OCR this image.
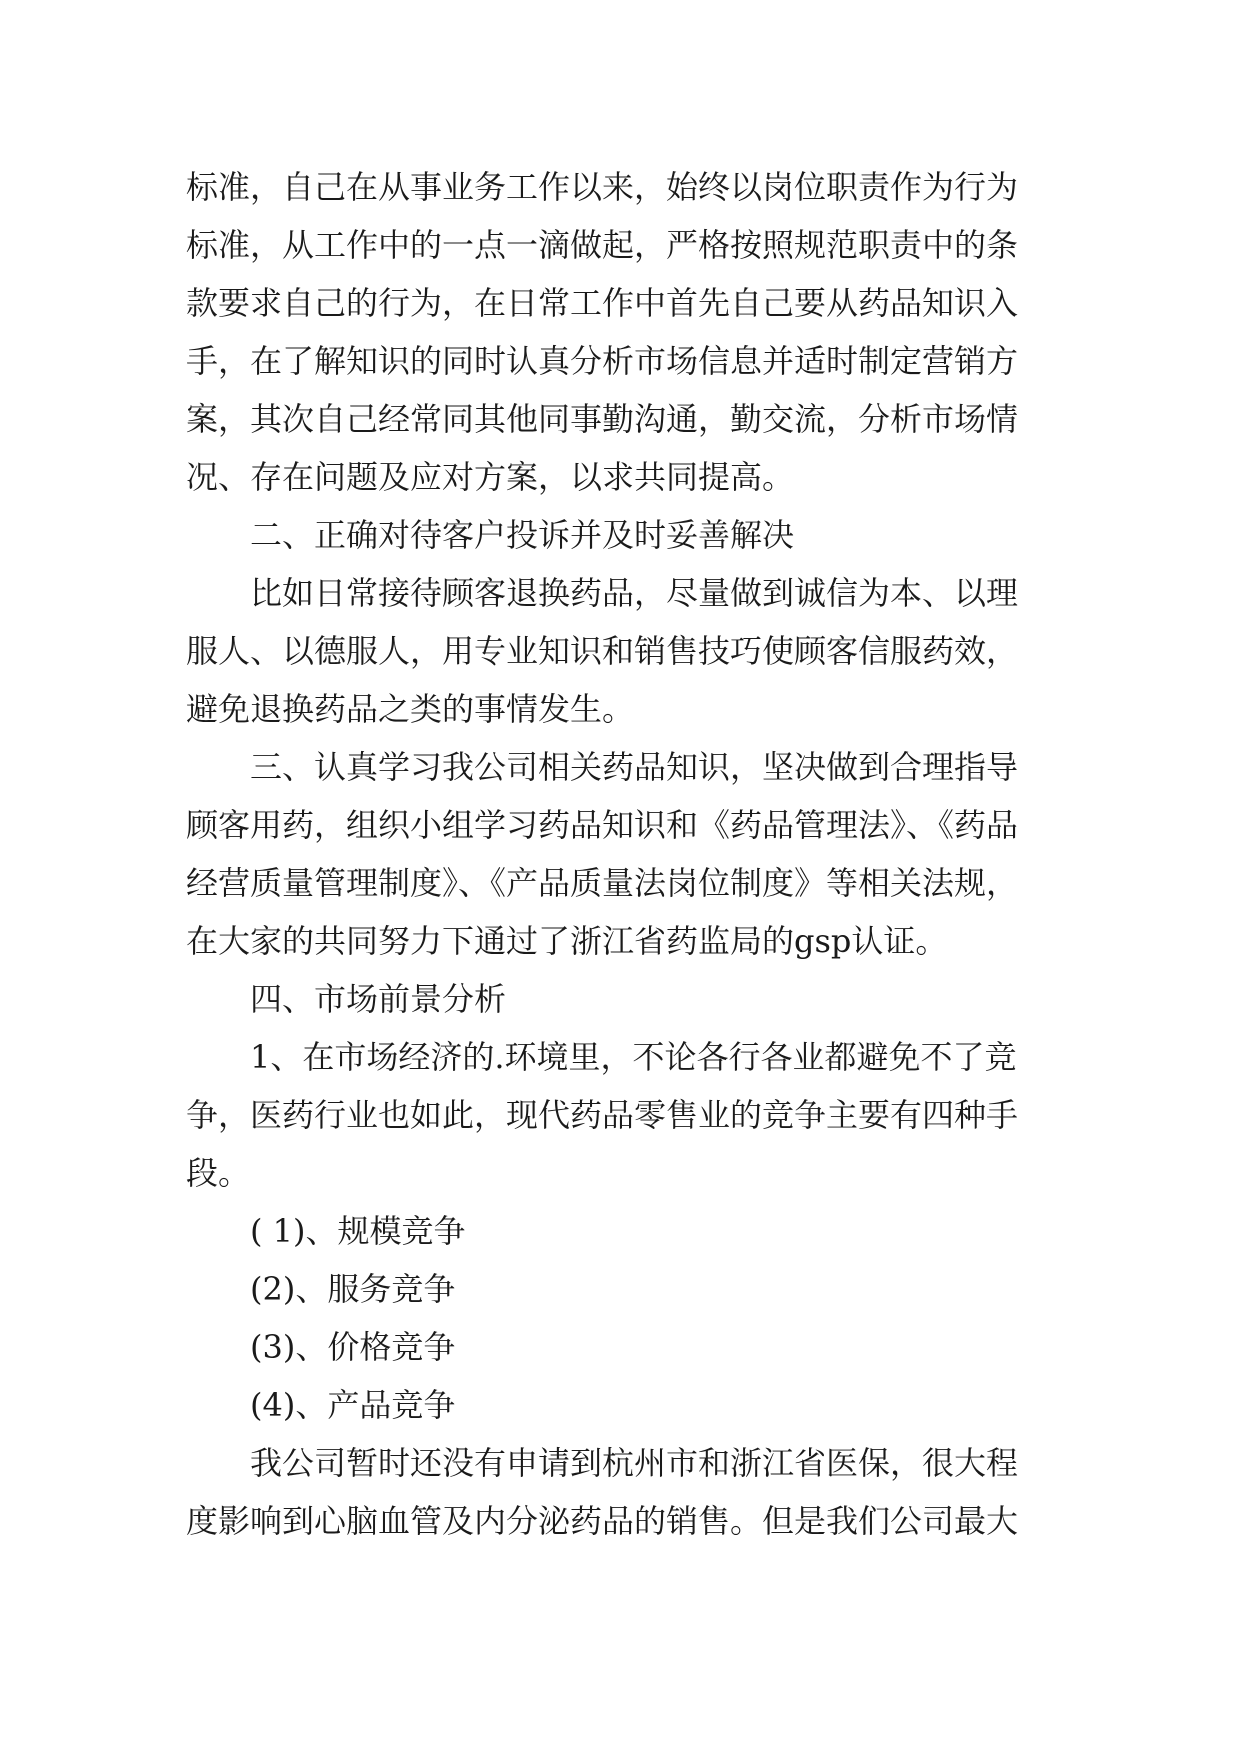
标准，自己在从事业务工作以来，始终以岗位职责作为行为

标准，从工作中的一点一滴做起，严格按照规范职责中的条

款要求自己的行为，在日常工作中首先自己要从药品知识入

手，在了解知识的同时认真分析市场信息并适时制定营销方

案，其次自己经常同其他同事勤沟通，勤交流，分析市场情

况、存在问题及应对方案，以求共同提高。

二、正确对待客户投诉并及时妥善解决

比如日常接待顾客退换药品，尽量做到诚信为本、以理

服人、以德服人，用专业知识和销售技巧使顾客信服药效，

避免退换药品之类的事情发生。

三、认真学习我公司相关药品知识，坚决做到合理指导

顾客用药，组织小组学习药品知识和《药品管理法》、《药品

经营质量管理制度》、《产品质量法岗位制度》等相关法规，

在大家的共同努力下通过了浙江省药监局的gsp认证。

四、市场前景分析

1、在市场经济的.环境里，不论各行各业都避免不了竞

争，医药行业也如此，现代药品零售业的竞争主要有四种手

段。

( 1)、规模竞争

(2)、服务竞争

(3)、价格竞争

(4)、产品竞争

我公司暂时还没有申请到杭州市和浙江省医保，很大程

度影响到心脑血管及内分泌药品的销售。但是我们公司最大
